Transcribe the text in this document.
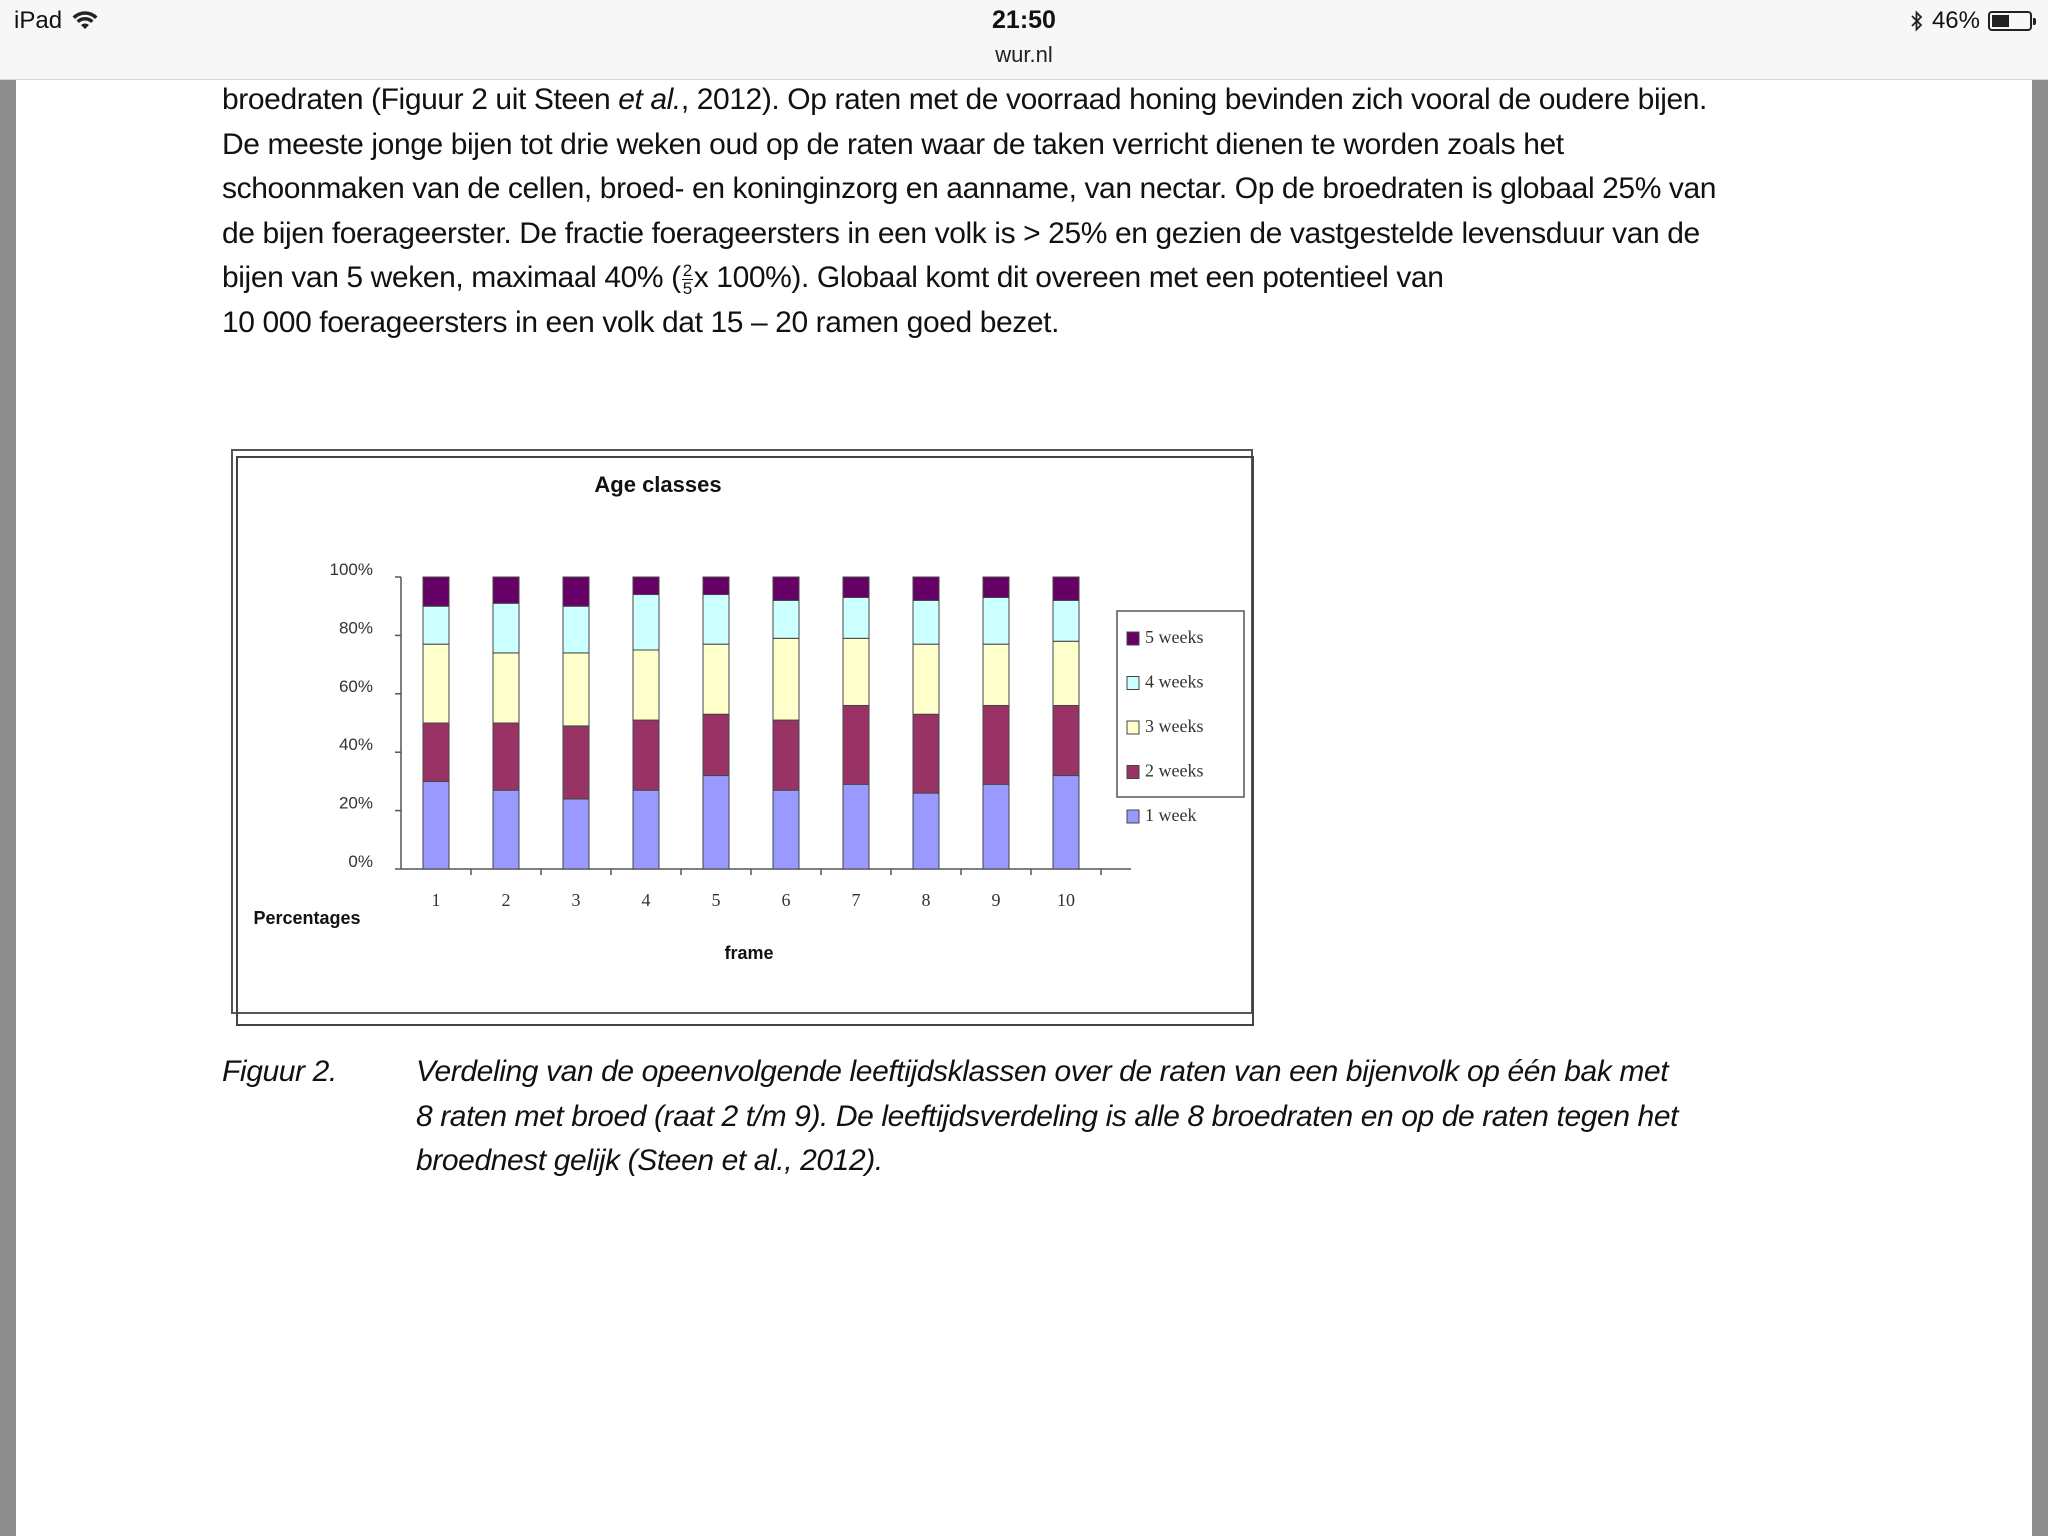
iPad	21:50
wur.nl
46%

broedraten (Figuur 2 uit Steen et al., 2012). Op raten met de voorraad honing bevinden zich vooral de oudere bijen.

De meeste jonge bijen tot drie weken oud op de raten waar de taken verricht dienen te worden zoals het

schoonmaken van de cellen, broed- en koninginzorg en aanname, van nectar. Op de broedraten is globaal 25% van

de bijen foerageerster. De fractie foerageersters in een volk is > 25% en gezien de vastgestelde levensduur van de

bijen van 5 weken, maximaal 40% ( $\frac{2}{5}$ x 100%). Globaal komt dit overeen met een potentieel van

10 000 foerageersters in een volk dat 15 – 20 ramen goed bezet.

Age classes
0%
20%
40%
60%
80%
100%
1	2	3	4	5	6	7	8	9	10
Percentages
frame
5 weeks
4 weeks
3 weeks
2 weeks
1 week
Figuur 2.	Verdeling van de opeenvolgende leeftijdsklassen over de raten van een bijenvolk op één bak met
8 raten met broed (raat 2 t/m 9). De leeftijdsverdeling is alle 8 broedraten en op de raten tegen het
broednest gelijk (Steen et al., 2012).
